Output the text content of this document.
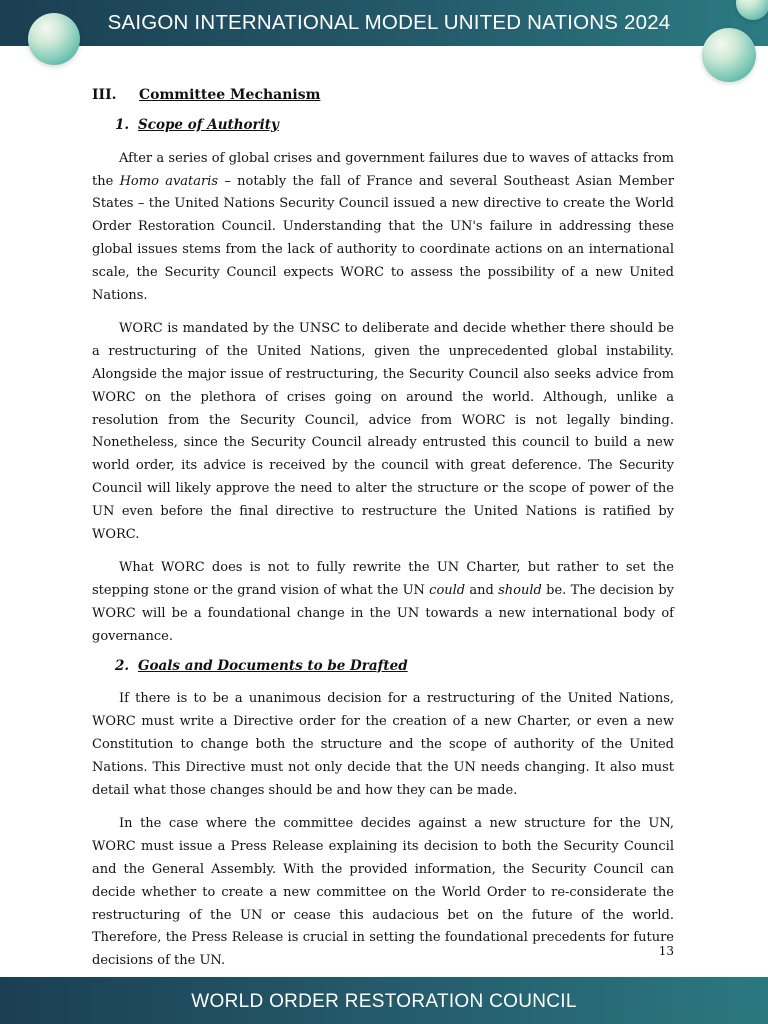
SAIGON INTERNATIONAL MODEL UNITED NATIONS 2024
III. Committee Mechanism
1. Scope of Authority

After a series of global crises and government failures due to waves of attacks from the Homo avataris – notably the fall of France and several Southeast Asian Member States – the United Nations Security Council issued a new directive to create the World Order Restoration Council. Understanding that the UN's failure in addressing these global issues stems from the lack of authority to coordinate actions on an international scale, the Security Council expects WORC to assess the possibility of a new United Nations.

WORC is mandated by the UNSC to deliberate and decide whether there should be a restructuring of the United Nations, given the unprecedented global instability. Alongside the major issue of restructuring, the Security Council also seeks advice from WORC on the plethora of crises going on around the world. Although, unlike a resolution from the Security Council, advice from WORC is not legally binding. Nonetheless, since the Security Council already entrusted this council to build a new world order, its advice is received by the council with great deference. The Security Council will likely approve the need to alter the structure or the scope of power of the UN even before the final directive to restructure the United Nations is ratified by WORC.

What WORC does is not to fully rewrite the UN Charter, but rather to set the stepping stone or the grand vision of what the UN could and should be. The decision by WORC will be a foundational change in the UN towards a new international body of governance.

2. Goals and Documents to be Drafted

If there is to be a unanimous decision for a restructuring of the United Nations, WORC must write a Directive order for the creation of a new Charter, or even a new Constitution to change both the structure and the scope of authority of the United Nations. This Directive must not only decide that the UN needs changing. It also must detail what those changes should be and how they can be made.

In the case where the committee decides against a new structure for the UN, WORC must issue a Press Release explaining its decision to both the Security Council and the General Assembly. With the provided information, the Security Council can decide whether to create a new committee on the World Order to re-considerate the restructuring of the UN or cease this audacious bet on the future of the world. Therefore, the Press Release is crucial in setting the foundational precedents for future decisions of the UN.

13
WORLD ORDER RESTORATION COUNCIL
